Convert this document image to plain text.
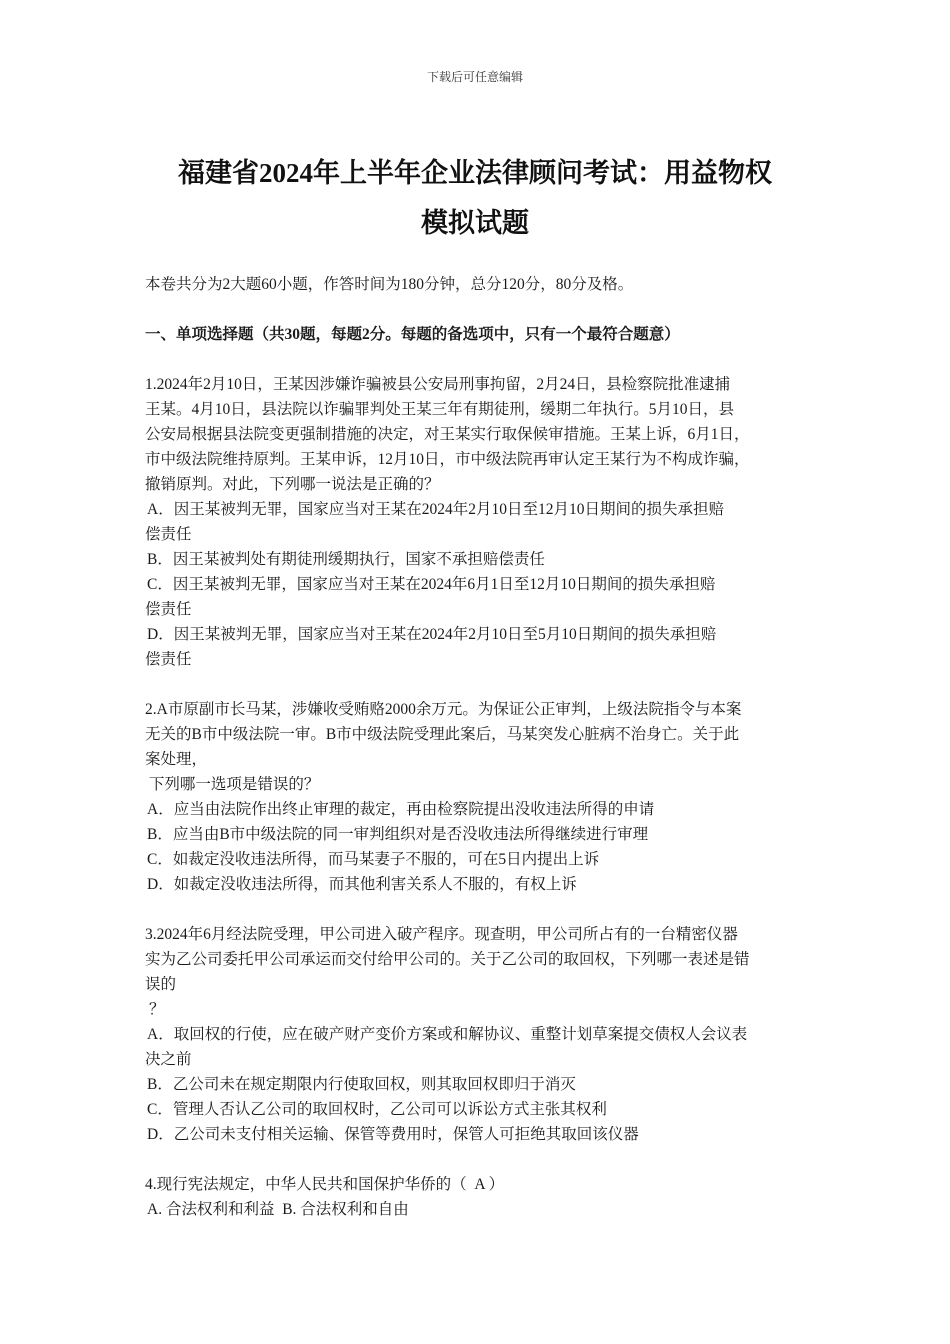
下载后可任意编辑
福建省2024年上半年企业法律顾问考试：用益物权
模拟试题

本卷共分为2大题60小题，作答时间为180分钟，总分120分，80分及格。

一、单项选择题（共30题，每题2分。每题的备选项中，只有一个最符合题意）

1.2024年2月10日，王某因涉嫌诈骗被县公安局刑事拘留，2月24日，县检察院批准逮捕

王某。4月10日，县法院以诈骗罪判处王某三年有期徒刑，缓期二年执行。5月10日，县

公安局根据县法院变更强制措施的决定，对王某实行取保候审措施。王某上诉，6月1日，

市中级法院维持原判。王某申诉，12月10日，市中级法院再审认定王某行为不构成诈骗，

撤销原判。对此，下列哪一说法是正确的？

A．因王某被判无罪，国家应当对王某在2024年2月10日至12月10日期间的损失承担赔

偿责任

B．因王某被判处有期徒刑缓期执行，国家不承担赔偿责任

C．因王某被判无罪，国家应当对王某在2024年6月1日至12月10日期间的损失承担赔

偿责任

D．因王某被判无罪，国家应当对王某在2024年2月10日至5月10日期间的损失承担赔

偿责任

2.A市原副市长马某，涉嫌收受贿赂2000余万元。为保证公正审判，上级法院指令与本案

无关的B市中级法院一审。B市中级法院受理此案后，马某突发心脏病不治身亡。关于此

案处理，

下列哪一选项是错误的？

A．应当由法院作出终止审理的裁定，再由检察院提出没收违法所得的申请

B．应当由B市中级法院的同一审判组织对是否没收违法所得继续进行审理

C．如裁定没收违法所得，而马某妻子不服的，可在5日内提出上诉

D．如裁定没收违法所得，而其他利害关系人不服的，有权上诉

3.2024年6月经法院受理，甲公司进入破产程序。现查明，甲公司所占有的一台精密仪器

实为乙公司委托甲公司承运而交付给甲公司的。关于乙公司的取回权，下列哪一表述是错

误的

？

A．取回权的行使，应在破产财产变价方案或和解协议、重整计划草案提交债权人会议表

决之前

B．乙公司未在规定期限内行使取回权，则其取回权即归于消灭

C．管理人否认乙公司的取回权时，乙公司可以诉讼方式主张其权利

D．乙公司未支付相关运输、保管等费用时，保管人可拒绝其取回该仪器

4.现行宪法规定，中华人民共和国保护华侨的（  A ）

A. 合法权利和利益  B. 合法权利和自由
